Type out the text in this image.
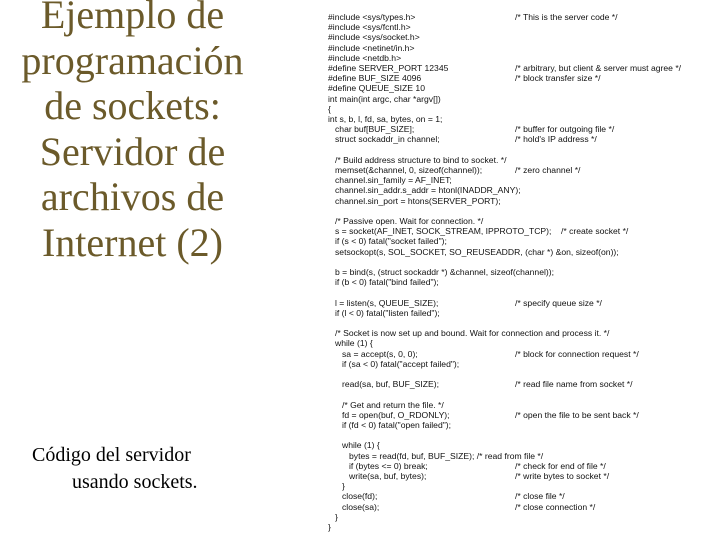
Ejemplo de
programación
de sockets:
Servidor de
archivos de
Internet (2)
Código del servidor
usando sockets.
#include <sys/types.h>	/* This is the server code */
#include <sys/fcntl.h>
#include <sys/socket.h>
#include <netinet/in.h>
#include <netdb.h>
#define SERVER_PORT 12345	/* arbitrary, but client & server must agree */
#define BUF_SIZE 4096	/* block transfer size */
#define QUEUE_SIZE 10
int main(int argc, char *argv[])
{
int s, b, l, fd, sa, bytes, on = 1;
char buf[BUF_SIZE];	/* buffer for outgoing file */
struct sockaddr_in channel;	/* hold's IP address */
/* Build address structure to bind to socket. */
memset(&channel, 0, sizeof(channel));	/* zero channel */
channel.sin_family = AF_INET;
channel.sin_addr.s_addr = htonl(INADDR_ANY);
channel.sin_port = htons(SERVER_PORT);
/* Passive open. Wait for connection. */
s = socket(AF_INET, SOCK_STREAM, IPPROTO_TCP);    /* create socket */
if (s < 0) fatal("socket failed");
setsockopt(s, SOL_SOCKET, SO_REUSEADDR, (char *) &on, sizeof(on));
b = bind(s, (struct sockaddr *) &channel, sizeof(channel));
if (b < 0) fatal("bind failed");
l = listen(s, QUEUE_SIZE);	/* specify queue size */
if (l < 0) fatal("listen failed");
/* Socket is now set up and bound. Wait for connection and process it. */
while (1) {
sa = accept(s, 0, 0);	/* block for connection request */
if (sa < 0) fatal("accept failed");
read(sa, buf, BUF_SIZE);	/* read file name from socket */
/* Get and return the file. */
fd = open(buf, O_RDONLY);	/* open the file to be sent back */
if (fd < 0) fatal("open failed");
while (1) {
bytes = read(fd, buf, BUF_SIZE); /* read from file */
if (bytes <= 0) break;	/* check for end of file */
write(sa, buf, bytes);	/* write bytes to socket */
}
close(fd);	/* close file */
close(sa);	/* close connection */
}
}
